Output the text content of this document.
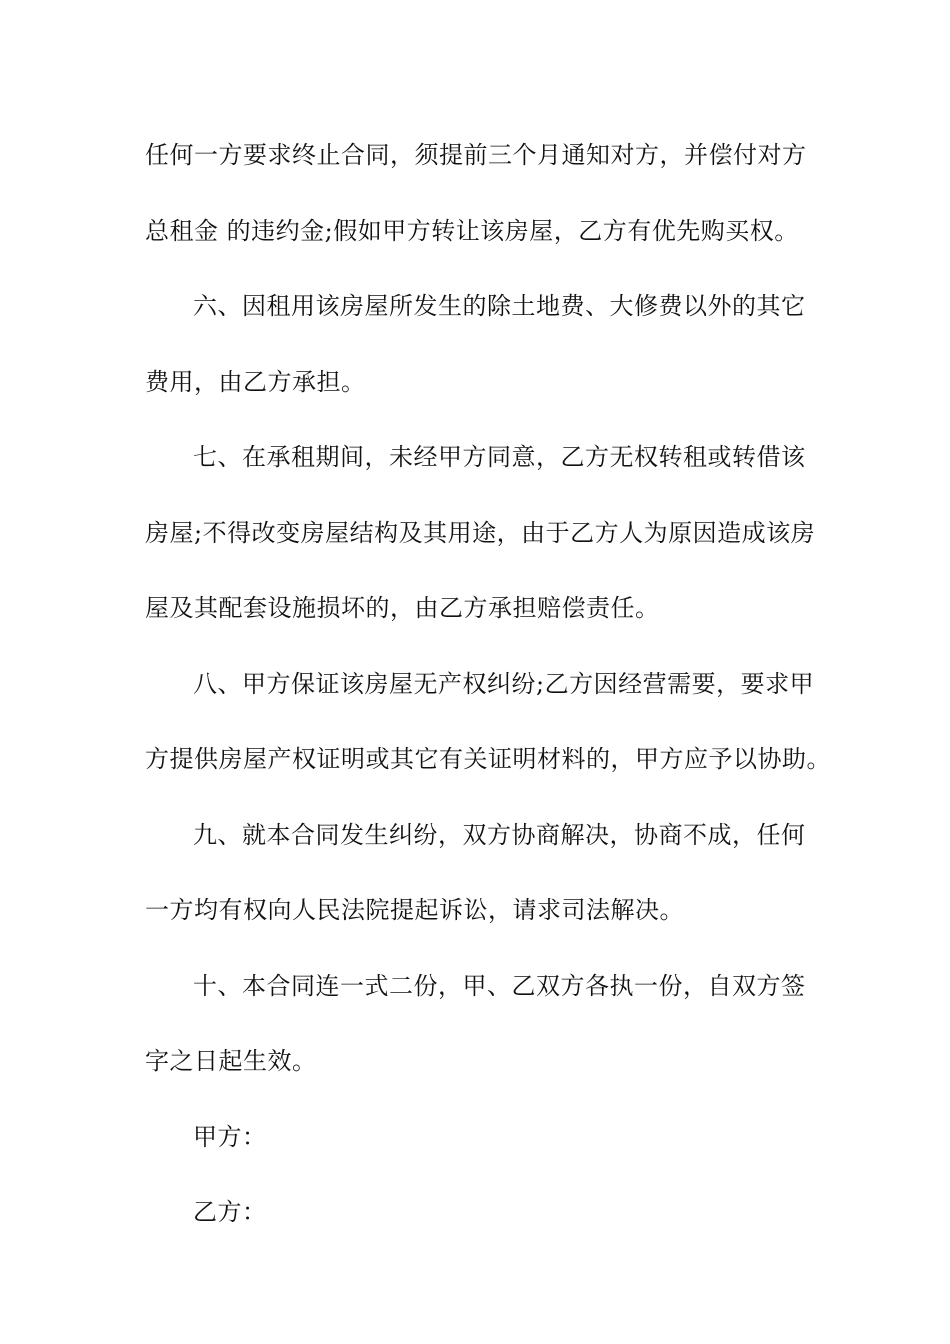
任何一方要求终止合同，须提前三个月通知对方，并偿付对方
总租金 的违约金;假如甲方转让该房屋，乙方有优先购买权。
六、因租用该房屋所发生的除土地费、大修费以外的其它
费用，由乙方承担。
七、在承租期间，未经甲方同意，乙方无权转租或转借该
房屋;不得改变房屋结构及其用途，由于乙方人为原因造成该房
屋及其配套设施损坏的，由乙方承担赔偿责任。
八、甲方保证该房屋无产权纠纷;乙方因经营需要，要求甲
方提供房屋产权证明或其它有关证明材料的，甲方应予以协助。
九、就本合同发生纠纷，双方协商解决，协商不成，任何
一方均有权向人民法院提起诉讼，请求司法解决。
十、本合同连一式二份，甲、乙双方各执一份，自双方签
字之日起生效。
甲方：
乙方：
